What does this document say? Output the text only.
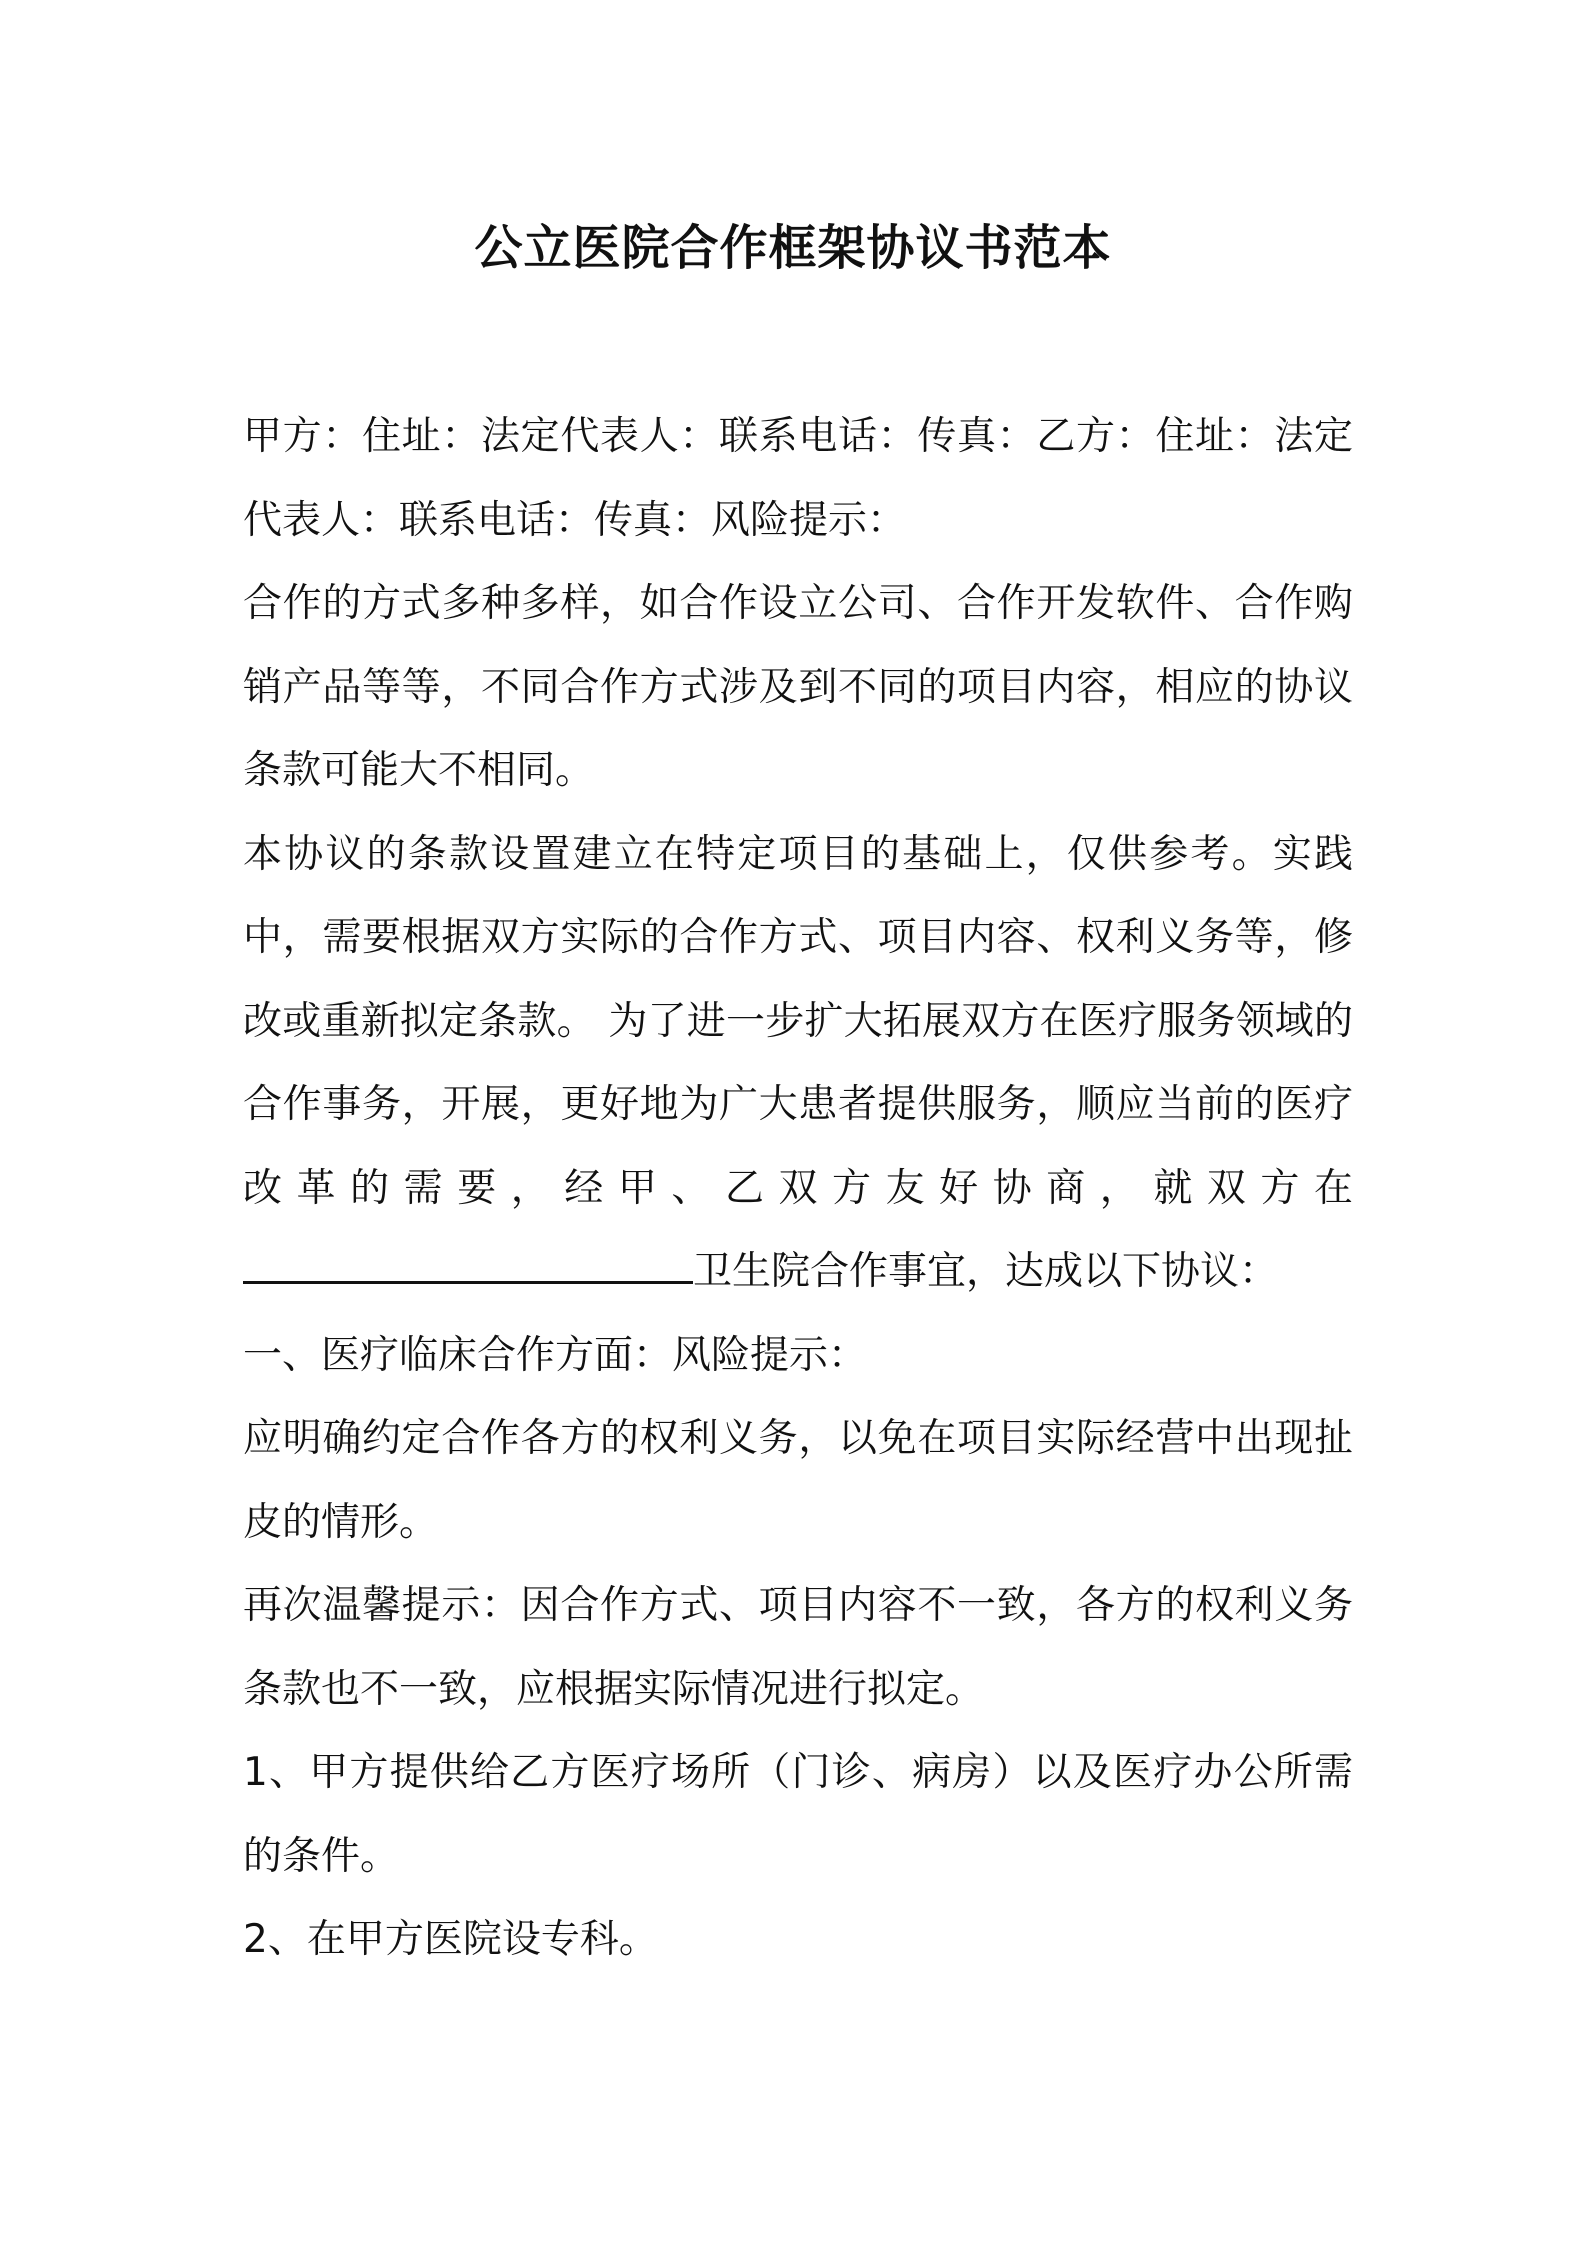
公立医院合作框架协议书范本

甲方：住址：法定代表人：联系电话：传真：乙方：住址：法定代表人：联系电话：传真：风险提示：

合作的方式多种多样，如合作设立公司、合作开发软件、合作购销产品等等，不同合作方式涉及到不同的项目内容，相应的协议条款可能大不相同。

本协议的条款设置建立在特定项目的基础上，仅供参考。实践中，需要根据双方实际的合作方式、项目内容、权利义务等，修改或重新拟定条款。 为了进一步扩大拓展双方在医疗服务领域的合作事务，开展，更好地为广大患者提供服务，顺应当前的医疗改革的需要，经甲、乙双方友好协商，就双方在

卫生院合作事宜，达成以下协议：

一、医疗临床合作方面：风险提示：

应明确约定合作各方的权利义务，以免在项目实际经营中出现扯皮的情形。

再次温馨提示：因合作方式、项目内容不一致，各方的权利义务条款也不一致，应根据实际情况进行拟定。

1、甲方提供给乙方医疗场所（门诊、病房）以及医疗办公所需的条件。

2、在甲方医院设专科。
